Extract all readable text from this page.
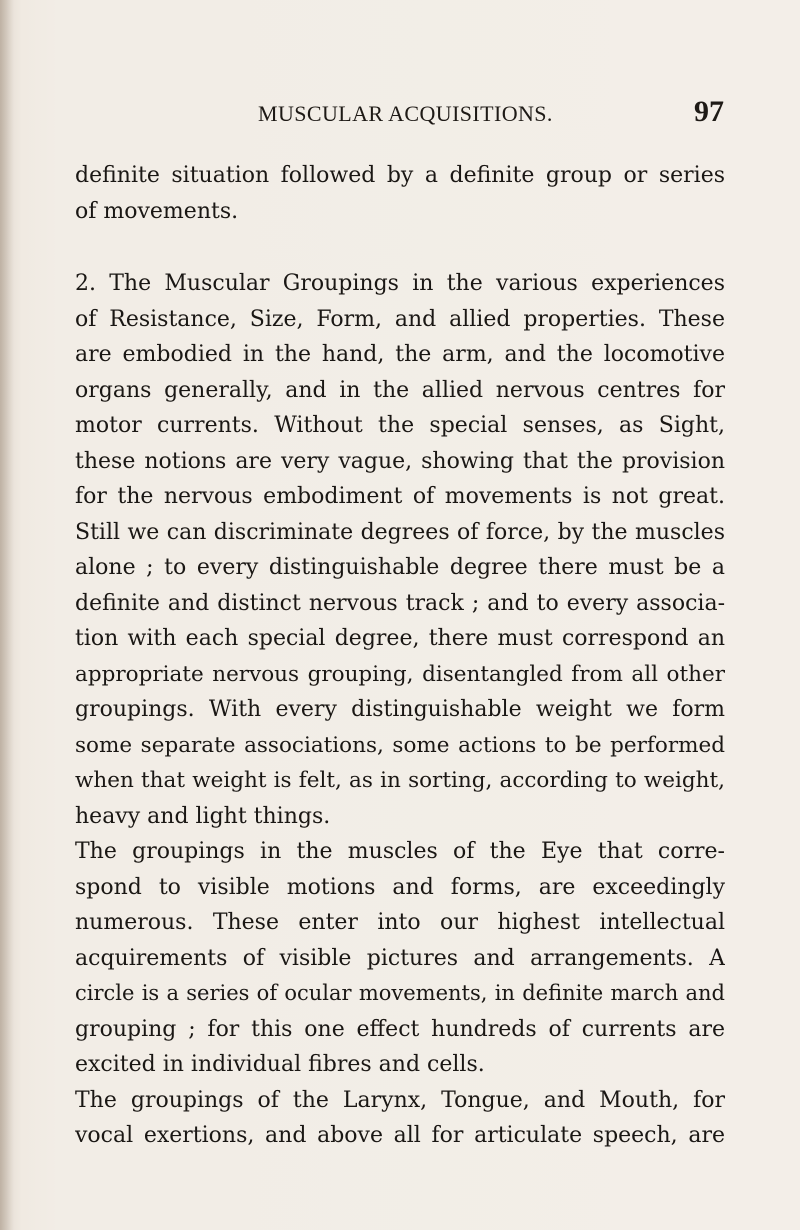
MUSCULAR ACQUISITIONS.	97
definite situation followed by a definite group or series
of movements.
2. The Muscular Groupings in the various experiences
of Resistance, Size, Form, and allied properties. These
are embodied in the hand, the arm, and the locomotive
organs generally, and in the allied nervous centres for
motor currents. Without the special senses, as Sight,
these notions are very vague, showing that the provision
for the nervous embodiment of movements is not great.
Still we can discriminate degrees of force, by the muscles
alone ; to every distinguishable degree there must be a
definite and distinct nervous track ; and to every associa-
tion with each special degree, there must correspond an
appropriate nervous grouping, disentangled from all other
groupings. With every distinguishable weight we form
some separate associations, some actions to be performed
when that weight is felt, as in sorting, according to weight,
heavy and light things.
The groupings in the muscles of the Eye that corre-
spond to visible motions and forms, are exceedingly
numerous. These enter into our highest intellectual
acquirements of visible pictures and arrangements. A
circle is a series of ocular movements, in definite march and
grouping ; for this one effect hundreds of currents are
excited in individual fibres and cells.
The groupings of the Larynx, Tongue, and Mouth, for
vocal exertions, and above all for articulate speech, are
